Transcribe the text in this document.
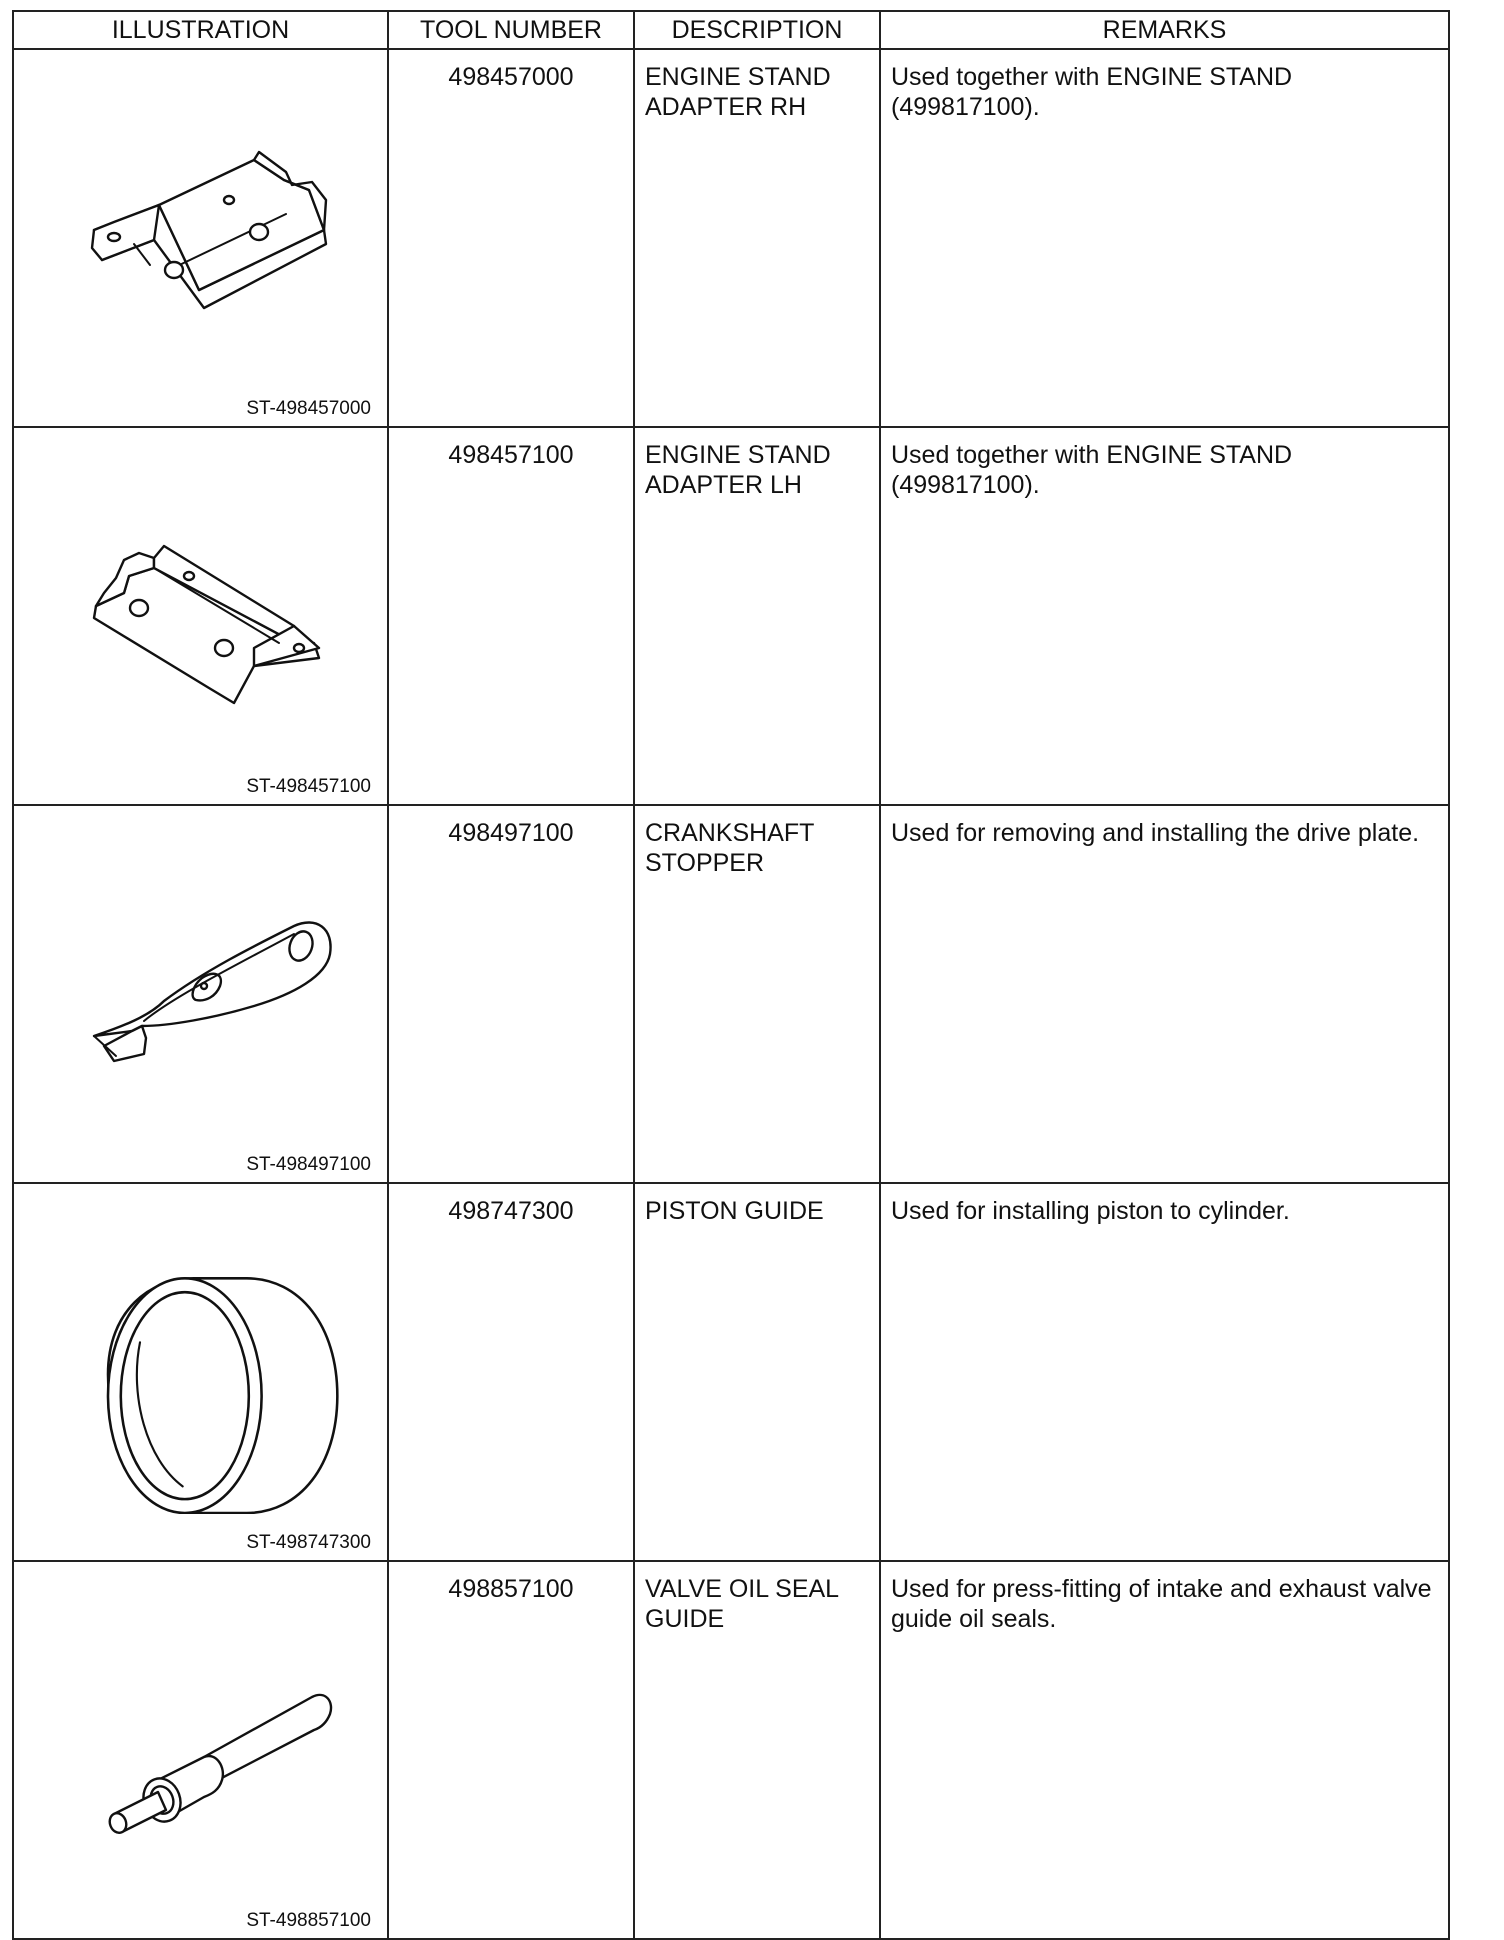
ILLUSTRATION	TOOL NUMBER	DESCRIPTION	REMARKS

ST-498457000	498457000	ENGINE STAND ADAPTER RH	Used together with ENGINE STAND (499817100).

ST-498457100	498457100	ENGINE STAND ADAPTER LH	Used together with ENGINE STAND (499817100).

ST-498497100	498497100	CRANKSHAFT STOPPER	Used for removing and installing the drive plate.

ST-498747300	498747300	PISTON GUIDE	Used for installing piston to cylinder.

ST-498857100	498857100	VALVE OIL SEAL GUIDE	Used for press-fitting of intake and exhaust valve guide oil seals.
